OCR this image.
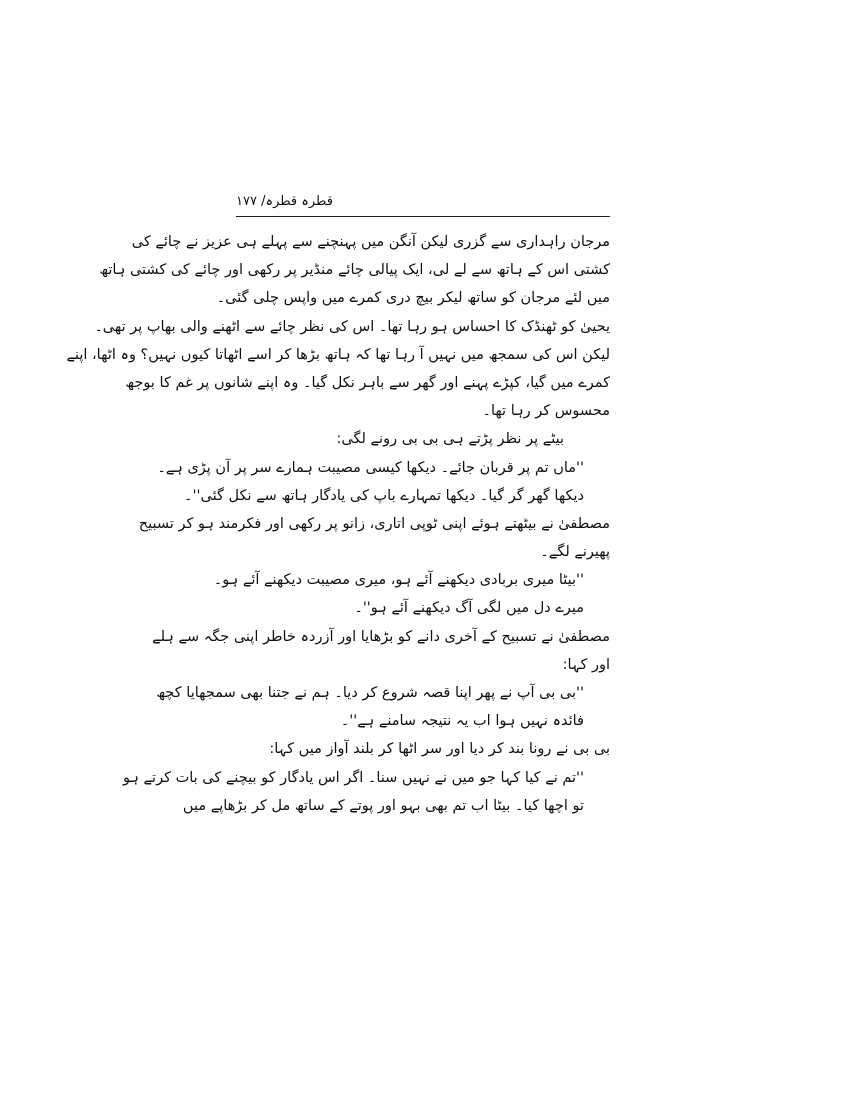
قطرہ قطرہ/ ۱۷۷
مرجان راہداری سے گزری لیکن آنگن میں پہنچنے سے پہلے ہی عزیز نے چائے کی
کشتی اس کے ہاتھ سے لے لی، ایک پیالی چائے منڈیر پر رکھی اور چائے کی کشتی ہاتھ
میں لئے مرجان کو ساتھ لیکر بیچ دری کمرے میں واپس چلی گئی۔
یحییٰ کو ٹھنڈک کا احساس ہو رہا تھا۔ اس کی نظر چائے سے اٹھنے والی بھاپ پر تھی۔
لیکن اس کی سمجھ میں نہیں آ رہا تھا کہ ہاتھ بڑھا کر اسے اٹھاتا کیوں نہیں؟ وہ اٹھا، اپنے
کمرے میں گیا، کپڑے پہنے اور گھر سے باہر نکل گیا۔ وہ اپنے شانوں پر غم کا بوجھ
محسوس کر رہا تھا۔
بیٹے پر نظر پڑتے ہی بی بی رونے لگی:
''ماں تم پر قربان جائے۔ دیکھا کیسی مصیبت ہمارے سر پر آن پڑی ہے۔
دیکھا گھر گر گیا۔ دیکھا تمہارے باپ کی یادگار ہاتھ سے نکل گئی''۔
مصطفیٰ نے بیٹھتے ہوئے اپنی ٹوپی اتاری، زانو پر رکھی اور فکرمند ہو کر تسبیح
پھیرنے لگے۔
''بیٹا میری بربادی دیکھنے آئے ہو، میری مصیبت دیکھنے آئے ہو۔
میرے دل میں لگی آگ دیکھنے آئے ہو''۔
مصطفیٰ نے تسبیح کے آخری دانے کو بڑھایا اور آزردہ خاطر اپنی جگہ سے ہلے
اور کہا:
''بی بی آپ نے پھر اپنا قصہ شروع کر دیا۔ ہم نے جتنا بھی سمجھایا کچھ
فائدہ نہیں ہوا اب یہ نتیجہ سامنے ہے''۔
بی بی نے رونا بند کر دیا اور سر اٹھا کر بلند آواز میں کہا:
''تم نے کیا کہا جو میں نے نہیں سنا۔ اگر اس یادگار کو بیچنے کی بات کرتے ہو
تو اچھا کیا۔ بیٹا اب تم بھی بہو اور پوتے کے ساتھ مل کر بڑھاپے میں
